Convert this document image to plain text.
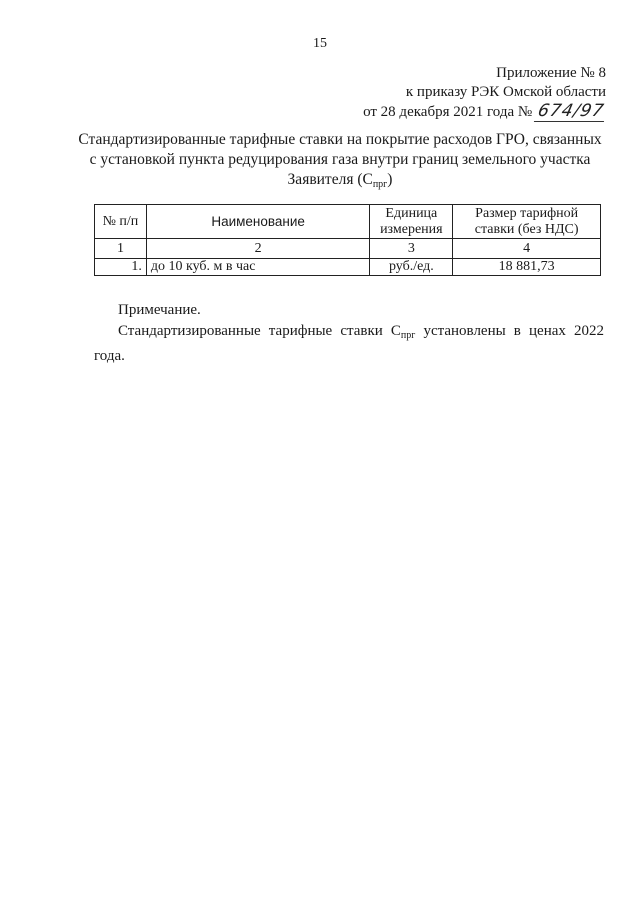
15
Приложение № 8
к приказу РЭК Омской области
от 28 декабря 2021 года № 674/97
Стандартизированные тарифные ставки на покрытие расходов ГРО, связанных
с установкой пункта редуцирования газа внутри границ земельного участка
Заявителя $(С_{прг})$
№ п/п	Наименование	Единица измерения	Размер тарифной ставки (без НДС)
1	2	3	4
1.	до 10 куб. м в час	руб./ед.	18 881,73

Примечание.

Стандартизированные тарифные ставки $С_{прг}$ установлены в ценах 2022

года.
